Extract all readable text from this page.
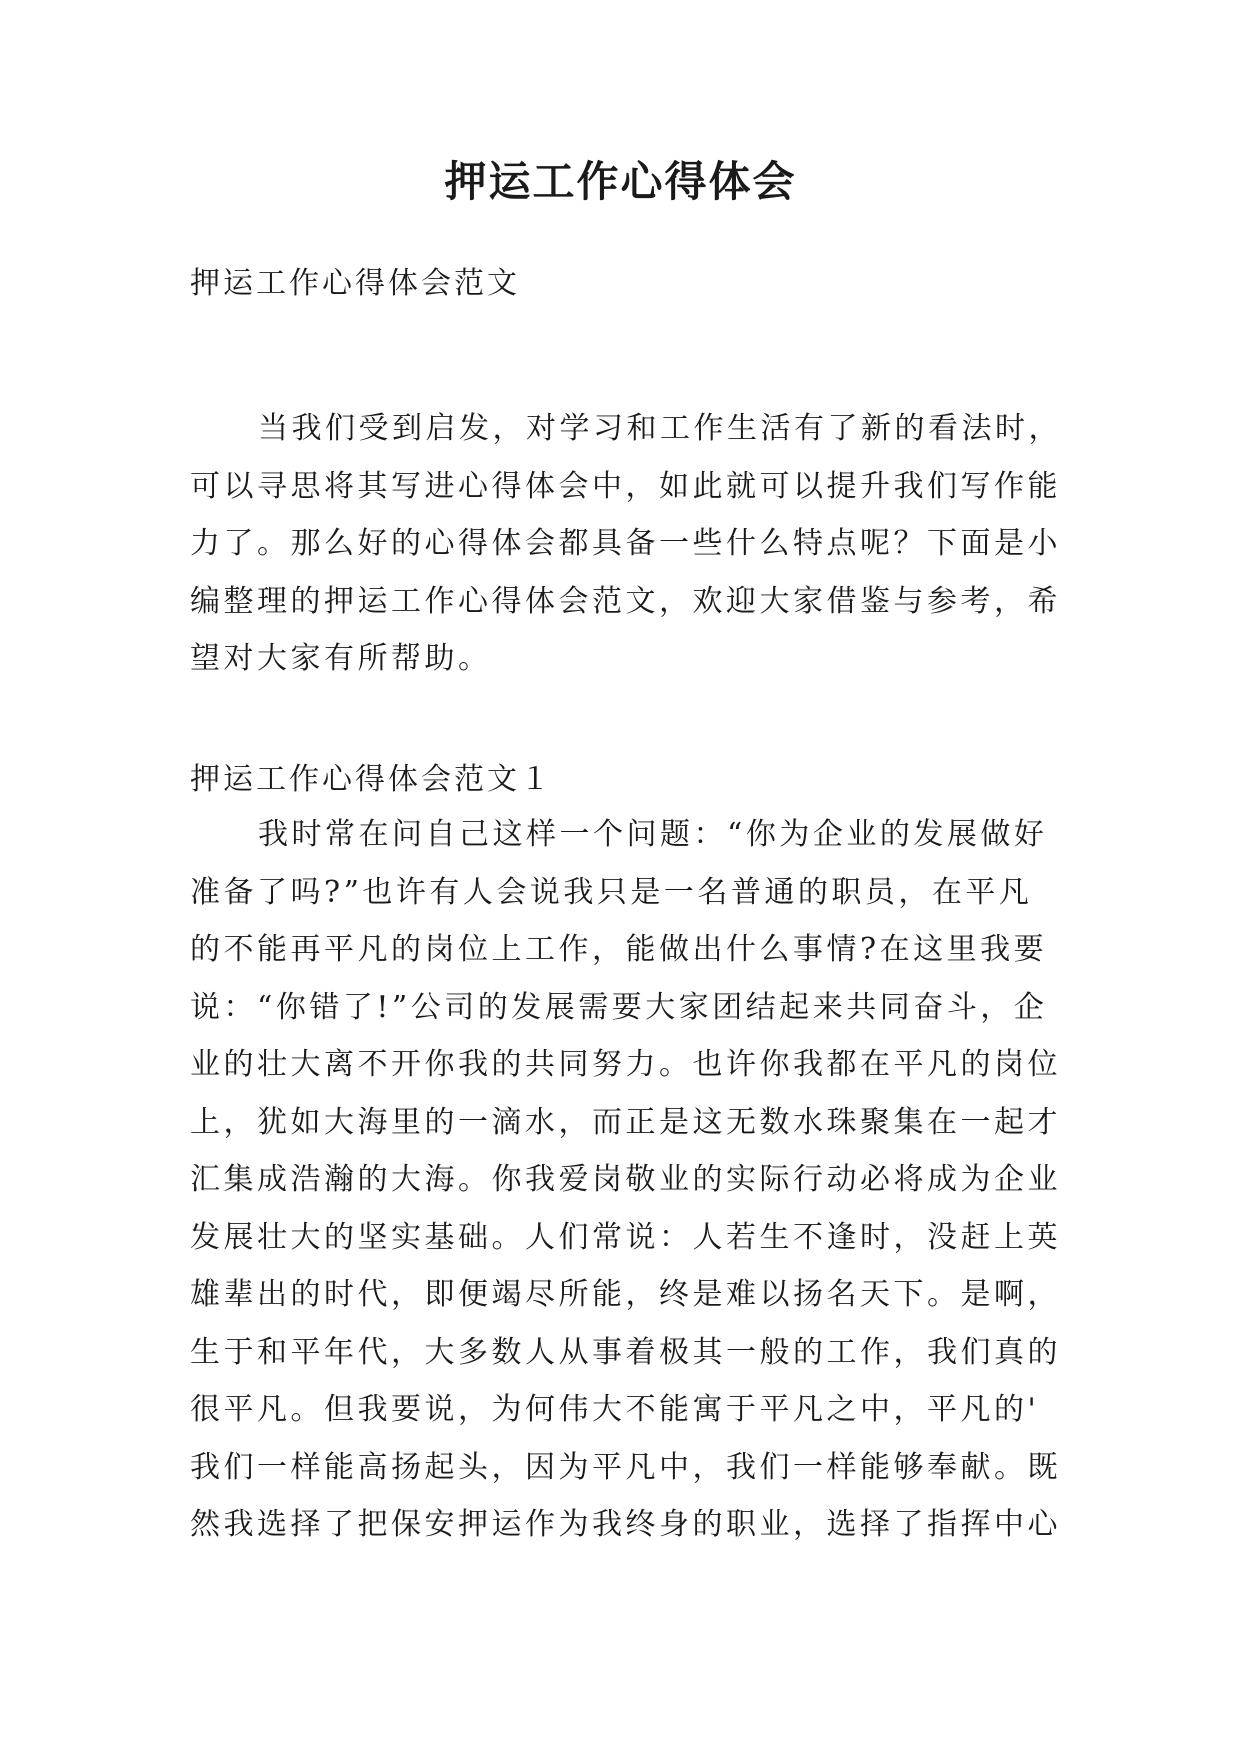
押运工作心得体会

押运工作心得体会范文

当我们受到启发，对学习和工作生活有了新的看法时，
可以寻思将其写进心得体会中，如此就可以提升我们写作能
力了。那么好的心得体会都具备一些什么特点呢？下面是小
编整理的押运工作心得体会范文，欢迎大家借鉴与参考，希
望对大家有所帮助。

押运工作心得体会范文１

我时常在问自己这样一个问题：“你为企业的发展做好
准备了吗?”也许有人会说我只是一名普通的职员，在平凡
的不能再平凡的岗位上工作，能做出什么事情?在这里我要
说：“你错了!”公司的发展需要大家团结起来共同奋斗，企
业的壮大离不开你我的共同努力。也许你我都在平凡的岗位
上，犹如大海里的一滴水，而正是这无数水珠聚集在一起才
汇集成浩瀚的大海。你我爱岗敬业的实际行动必将成为企业
发展壮大的坚实基础。人们常说：人若生不逢时，没赶上英
雄辈出的时代，即便竭尽所能，终是难以扬名天下。是啊，
生于和平年代，大多数人从事着极其一般的工作，我们真的
很平凡。但我要说，为何伟大不能寓于平凡之中，平凡的'
我们一样能高扬起头，因为平凡中，我们一样能够奉献。既
然我选择了把保安押运作为我终身的职业，选择了指挥中心
